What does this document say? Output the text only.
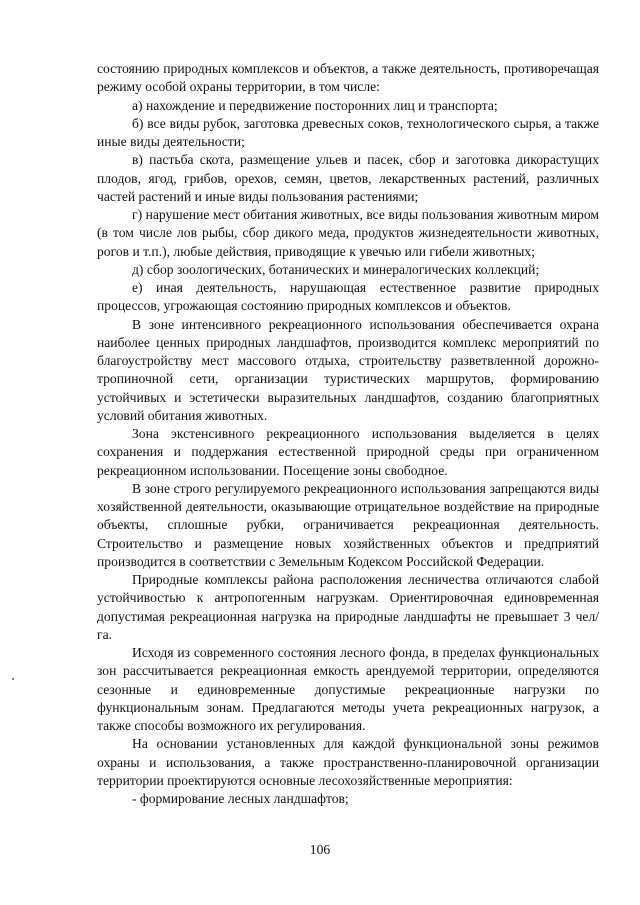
состоянию природных комплексов и объектов, а также деятельность, противоречащая режиму особой охраны территории, в том числе:

а) нахождение и передвижение посторонних лиц и транспорта;

б) все виды рубок, заготовка древесных соков, технологического сырья, а также иные виды деятельности;

в) пастьба скота, размещение ульев и пасек, сбор и заготовка дикорастущих плодов, ягод, грибов, орехов, семян, цветов, лекарственных растений, различных частей растений и иные виды пользования растениями;

г) нарушение мест обитания животных, все виды пользования животным миром (в том числе лов рыбы, сбор дикого меда, продуктов жизнедеятельности животных, рогов и т.п.), любые действия, приводящие к увечью или гибели животных;

д) сбор зоологических, ботанических и минералогических коллекций;

е) иная деятельность, нарушающая естественное развитие природных процессов, угрожающая состоянию природных комплексов и объектов.

В зоне интенсивного рекреационного использования обеспечивается охрана наиболее ценных природных ландшафтов, производится комплекс мероприятий по благоустройству мест массового отдыха, строительству разветвленной дорожно-тропиночной сети, организации туристических маршрутов, формированию устойчивых и эстетически выразительных ландшафтов, созданию благоприятных условий обитания животных.

Зона экстенсивного рекреационного использования выделяется в целях сохранения и поддержания естественной природной среды при ограниченном рекреационном использовании. Посещение зоны свободное.

В зоне строго регулируемого рекреационного использования запрещаются виды хозяйственной деятельности, оказывающие отрицательное воздействие на природные объекты, сплошные рубки, ограничивается рекреационная деятельность. Строительство и размещение новых хозяйственных объектов и предприятий производится в соответствии с Земельным Кодексом Российской Федерации.

Природные комплексы района расположения лесничества отличаются слабой устойчивостью к антропогенным нагрузкам. Ориентировочная единовременная допустимая рекреационная нагрузка на природные ландшафты не превышает 3 чел/га.

Исходя из современного состояния лесного фонда, в пределах функциональных зон рассчитывается рекреационная емкость арендуемой территории, определяются сезонные и единовременные допустимые рекреационные нагрузки по функциональным зонам. Предлагаются методы учета рекреационных нагрузок, а также способы возможного их регулирования.

На основании установленных для каждой функциональной зоны режимов охраны и использования, а также пространственно-планировочной организации территории проектируются основные лесохозяйственные мероприятия:

- формирование лесных ландшафтов;

106
